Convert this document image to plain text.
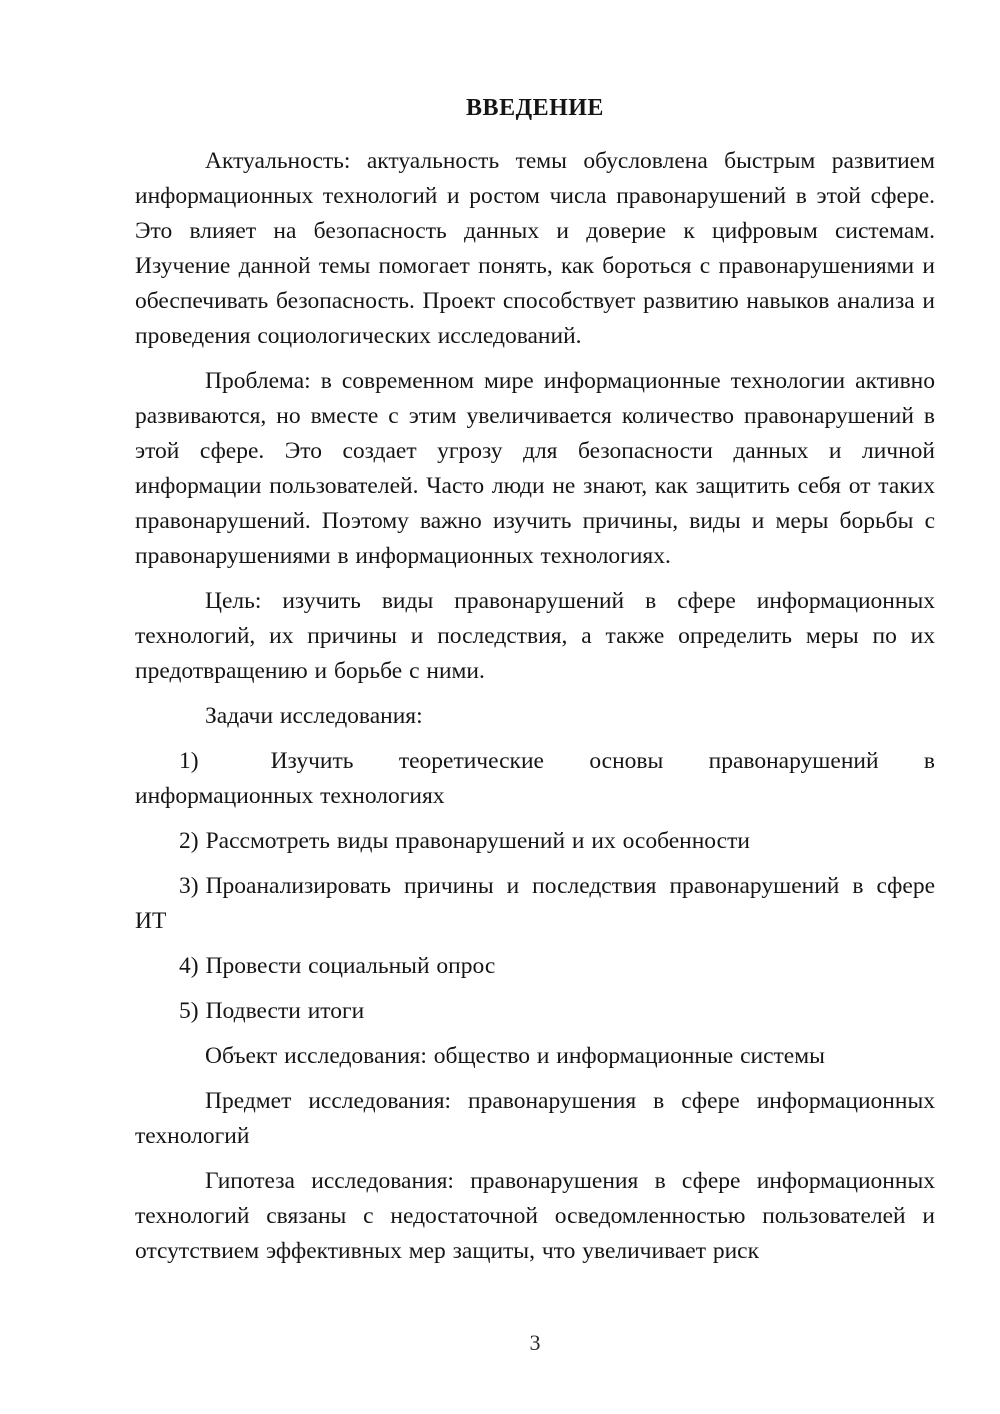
ВВЕДЕНИЕ

Актуальность: актуальность темы обусловлена быстрым развитием информационных технологий и ростом числа правонарушений в этой сфере. Это влияет на безопасность данных и доверие к цифровым системам. Изучение данной темы помогает понять, как бороться с правонарушениями и обеспечивать безопасность. Проект способствует развитию навыков анализа и проведения социологических исследований.

Проблема: в современном мире информационные технологии активно развиваются, но вместе с этим увеличивается количество правонарушений в этой сфере. Это создает угрозу для безопасности данных и личной информации пользователей. Часто люди не знают, как защитить себя от таких правонарушений. Поэтому важно изучить причины, виды и меры борьбы с правонарушениями в информационных технологиях.

Цель: изучить виды правонарушений в сфере информационных технологий, их причины и последствия, а также определить меры по их предотвращению и борьбе с ними.

Задачи исследования:

1)	Изучить теоретические основы правонарушений в информационных технологиях

2) Рассмотреть виды правонарушений и их особенности

3) Проанализировать причины и последствия правонарушений в сфере ИТ

4) Провести социальный опрос

5) Подвести итоги

Объект исследования: общество и информационные системы

Предмет исследования: правонарушения в сфере информационных технологий

Гипотеза исследования: правонарушения в сфере информационных технологий связаны с недостаточной осведомленностью пользователей и отсутствием эффективных мер защиты, что увеличивает риск

3
